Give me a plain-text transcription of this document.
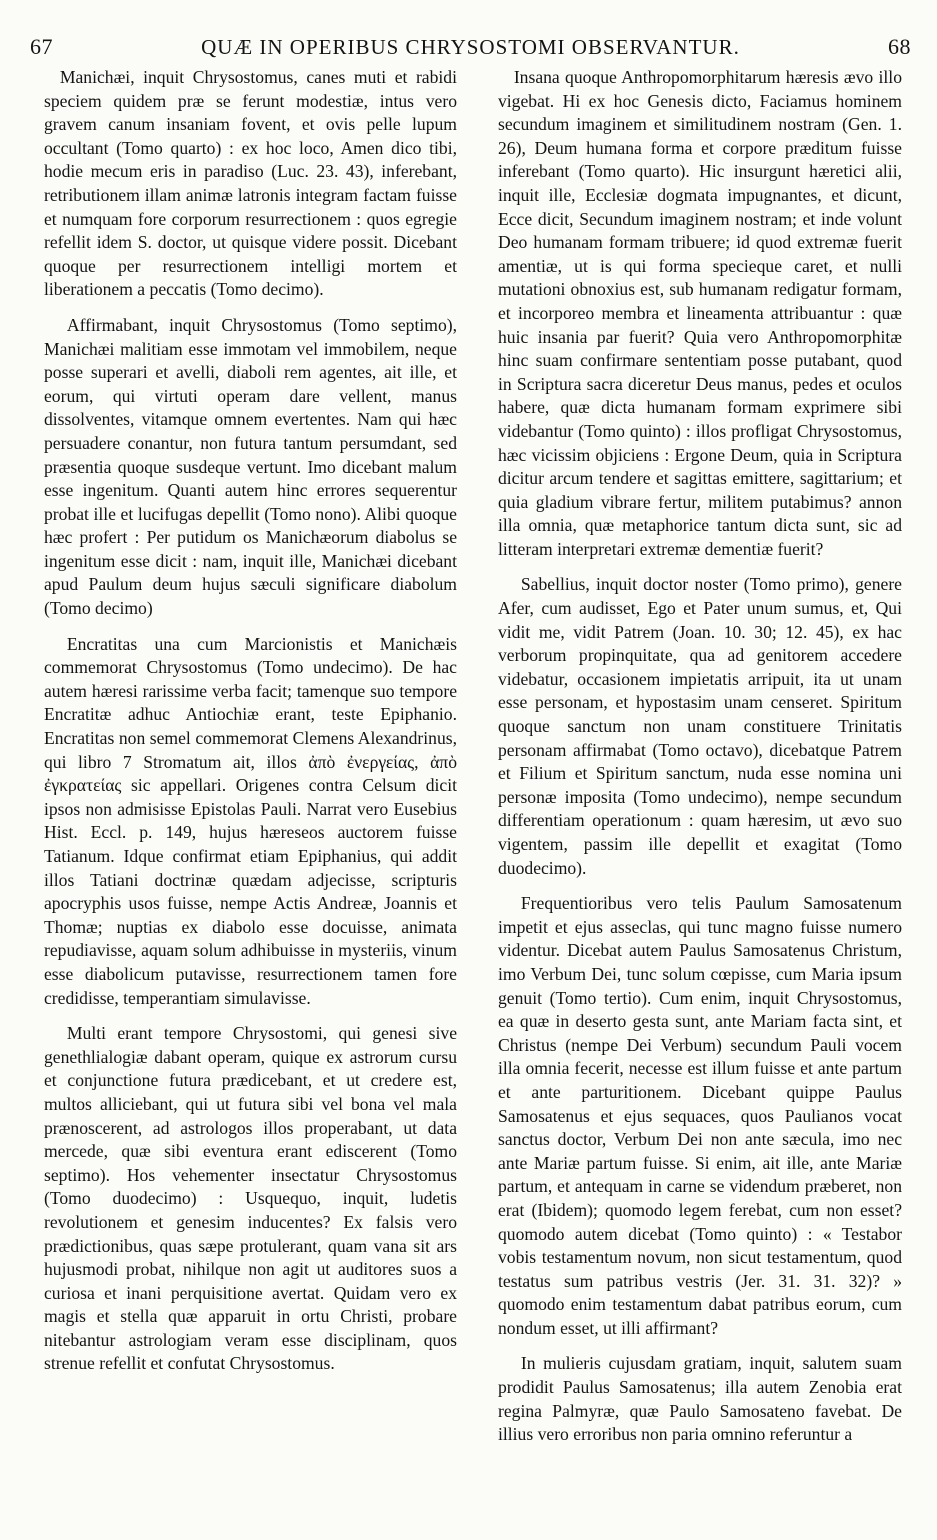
67	QUÆ IN OPERIBUS CHRYSOSTOMI OBSERVANTUR.	68

Manichæi, inquit Chrysostomus, canes muti et rabidi speciem quidem præ se ferunt modestiæ, intus vero gravem canum insaniam fovent, et ovis pelle lupum occultant (Tomo quarto) : ex hoc loco, Amen dico tibi, hodie mecum eris in paradiso (Luc. 23. 43), inferebant, retributionem illam animæ latronis integram factam fuisse et numquam fore corporum resurrectionem : quos egregie refellit idem S. doctor, ut quisque videre possit. Dicebant quoque per resurrectionem intelligi mortem et liberationem a peccatis (Tomo decimo).

Affirmabant, inquit Chrysostomus (Tomo septimo), Manichæi malitiam esse immotam vel immobilem, neque posse superari et avelli, diaboli rem agentes, ait ille, et eorum, qui virtuti operam dare vellent, manus dissolventes, vitamque omnem evertentes. Nam qui hæc persuadere conantur, non futura tantum persumdant, sed præsentia quoque susdeque vertunt. Imo dicebant malum esse ingenitum. Quanti autem hinc errores sequerentur probat ille et lucifugas depellit (Tomo nono). Alibi quoque hæc profert : Per putidum os Manichæorum diabolus se ingenitum esse dicit : nam, inquit ille, Manichæi dicebant apud Paulum deum hujus sæculi significare diabolum (Tomo decimo)

Encratitas una cum Marcionistis et Manichæis commemorat Chrysostomus (Tomo undecimo). De hac autem hæresi rarissime verba facit; tamenque suo tempore Encratitæ adhuc Antiochiæ erant, teste Epiphanio. Encratitas non semel commemorat Clemens Alexandrinus, qui libro 7 Stromatum ait, illos ἀπὸ ἐνεργείας, ἀπὸ ἐγκρατείας sic appellari. Origenes contra Celsum dicit ipsos non admisisse Epistolas Pauli. Narrat vero Eusebius Hist. Eccl. p. 149, hujus hæreseos auctorem fuisse Tatianum. Idque confirmat etiam Epiphanius, qui addit illos Tatiani doctrinæ quædam adjecisse, scripturis apocryphis usos fuisse, nempe Actis Andreæ, Joannis et Thomæ; nuptias ex diabolo esse docuisse, animata repudiavisse, aquam solum adhibuisse in mysteriis, vinum esse diabolicum putavisse, resurrectionem tamen fore credidisse, temperantiam simulavisse.

Multi erant tempore Chrysostomi, qui genesi sive genethlialogiæ dabant operam, quique ex astrorum cursu et conjunctione futura prædicebant, et ut credere est, multos alliciebant, qui ut futura sibi vel bona vel mala prænoscerent, ad astrologos illos properabant, ut data mercede, quæ sibi eventura erant ediscerent (Tomo septimo). Hos vehementer insectatur Chrysostomus (Tomo duodecimo) : Usquequo, inquit, ludetis revolutionem et genesim inducentes? Ex falsis vero prædictionibus, quas sæpe protulerant, quam vana sit ars hujusmodi probat, nihilque non agit ut auditores suos a curiosa et inani perquisitione avertat. Quidam vero ex magis et stella quæ apparuit in ortu Christi, probare nitebantur astrologiam veram esse disciplinam, quos strenue refellit et confutat Chrysostomus.

Insana quoque Anthropomorphitarum hæresis ævo illo vigebat. Hi ex hoc Genesis dicto, Faciamus hominem secundum imaginem et similitudinem nostram (Gen. 1. 26), Deum humana forma et corpore præditum fuisse inferebant (Tomo quarto). Hic insurgunt hæretici alii, inquit ille, Ecclesiæ dogmata impugnantes, et dicunt, Ecce dicit, Secundum imaginem nostram; et inde volunt Deo humanam formam tribuere; id quod extremæ fuerit amentiæ, ut is qui forma specieque caret, et nulli mutationi obnoxius est, sub humanam redigatur formam, et incorporeo membra et lineamenta attribuantur : quæ huic insania par fuerit? Quia vero Anthropomorphitæ hinc suam confirmare sententiam posse putabant, quod in Scriptura sacra diceretur Deus manus, pedes et oculos habere, quæ dicta humanam formam exprimere sibi videbantur (Tomo quinto) : illos profligat Chrysostomus, hæc vicissim objiciens : Ergone Deum, quia in Scriptura dicitur arcum tendere et sagittas emittere, sagittarium; et quia gladium vibrare fertur, militem putabimus? annon illa omnia, quæ metaphorice tantum dicta sunt, sic ad litteram interpretari extremæ dementiæ fuerit?

Sabellius, inquit doctor noster (Tomo primo), genere Afer, cum audisset, Ego et Pater unum sumus, et, Qui vidit me, vidit Patrem (Joan. 10. 30; 12. 45), ex hac verborum propinquitate, qua ad genitorem accedere videbatur, occasionem impietatis arripuit, ita ut unam esse personam, et hypostasim unam censeret. Spiritum quoque sanctum non unam constituere Trinitatis personam affirmabat (Tomo octavo), dicebatque Patrem et Filium et Spiritum sanctum, nuda esse nomina uni personæ imposita (Tomo undecimo), nempe secundum differentiam operationum : quam hæresim, ut ævo suo vigentem, passim ille depellit et exagitat (Tomo duodecimo).

Frequentioribus vero telis Paulum Samosatenum impetit et ejus asseclas, qui tunc magno fuisse numero videntur. Dicebat autem Paulus Samosatenus Christum, imo Verbum Dei, tunc solum cœpisse, cum Maria ipsum genuit (Tomo tertio). Cum enim, inquit Chrysostomus, ea quæ in deserto gesta sunt, ante Mariam facta sint, et Christus (nempe Dei Verbum) secundum Pauli vocem illa omnia fecerit, necesse est illum fuisse et ante partum et ante parturitionem. Dicebant quippe Paulus Samosatenus et ejus sequaces, quos Paulianos vocat sanctus doctor, Verbum Dei non ante sæcula, imo nec ante Mariæ partum fuisse. Si enim, ait ille, ante Mariæ partum, et antequam in carne se videndum præberet, non erat (Ibidem); quomodo legem ferebat, cum non esset? quomodo autem dicebat (Tomo quinto) : « Testabor vobis testamentum novum, non sicut testamentum, quod testatus sum patribus vestris (Jer. 31. 31. 32)? » quomodo enim testamentum dabat patribus eorum, cum nondum esset, ut illi affirmant?

In mulieris cujusdam gratiam, inquit, salutem suam prodidit Paulus Samosatenus; illa autem Zenobia erat regina Palmyræ, quæ Paulo Samosateno favebat. De illius vero erroribus non paria omnino referuntur a
